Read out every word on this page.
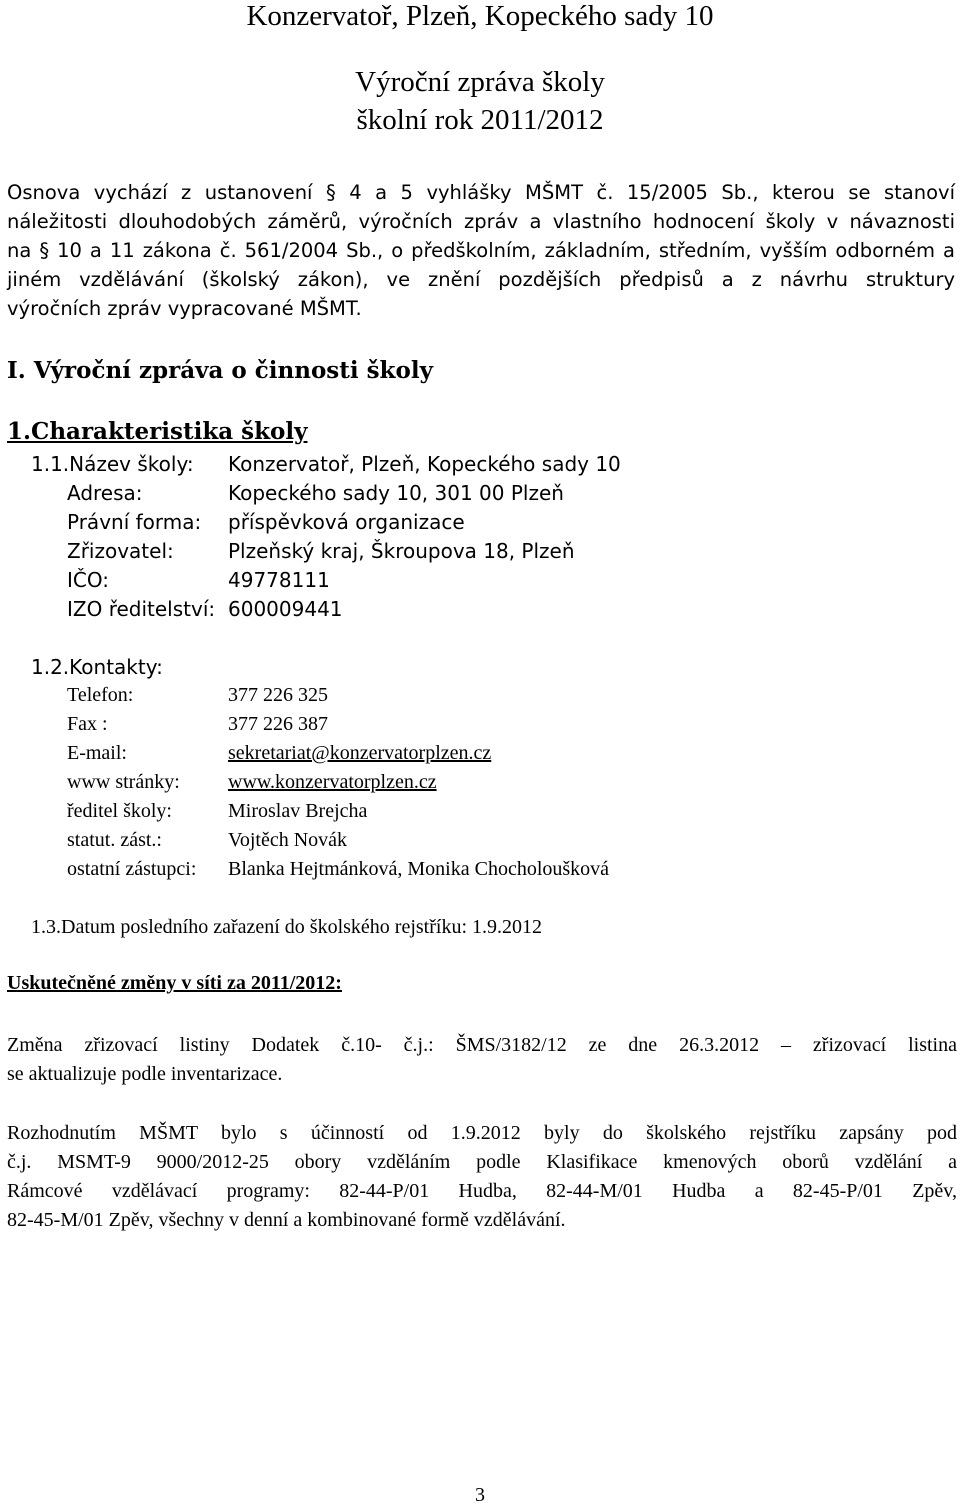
Konzervatoř, Plzeň, Kopeckého sady 10
Výroční zpráva školy
školní rok 2011/2012
Osnova vychází z ustanovení § 4 a 5 vyhlášky MŠMT č. 15/2005 Sb., kterou se stanoví
náležitosti dlouhodobých záměrů, výročních zpráv a vlastního hodnocení školy v návaznosti
na § 10 a 11 zákona č. 561/2004 Sb., o předškolním, základním, středním, vyšším odborném a
jiném vzdělávání (školský zákon), ve znění pozdějších předpisů a z návrhu struktury
výročních zpráv vypracované MŠMT.
I. Výroční zpráva o činnosti školy
1.Charakteristika školy
1.1.Název školy: Konzervatoř, Plzeň, Kopeckého sady 10
Adresa:	Kopeckého sady 10, 301 00 Plzeň
Právní forma: příspěvková organizace
Zřizovatel:	Plzeňský kraj, Škroupova 18, Plzeň
IČO:	49778111
IZO ředitelství: 600009441
1.2.Kontakty:
Telefon:	377 226 325
Fax :	377 226 387
E-mail:	sekretariat@konzervatorplzen.cz
www stránky: www.konzervatorplzen.cz
ředitel školy:	Miroslav Brejcha
statut. zást.:	Vojtěch Novák
ostatní zástupci: Blanka Hejtmánková, Monika Chocholoušková
1.3.Datum posledního zařazení do školského rejstříku: 1.9.2012
Uskutečněné změny v síti za 2011/2012:
Změna zřizovací listiny Dodatek č.10- č.j.: ŠMS/3182/12 ze dne 26.3.2012 – zřizovací listina
se aktualizuje podle inventarizace.
Rozhodnutím MŠMT bylo s účinností od 1.9.2012 byly do školského rejstříku zapsány pod
č.j. MSMT-9 9000/2012-25 obory vzděláním podle Klasifikace kmenových oborů vzdělání a
Rámcové vzdělávací programy: 82-44-P/01 Hudba, 82-44-M/01 Hudba a 82-45-P/01 Zpěv,
82-45-M/01 Zpěv, všechny v denní a kombinované formě vzdělávání.
3
